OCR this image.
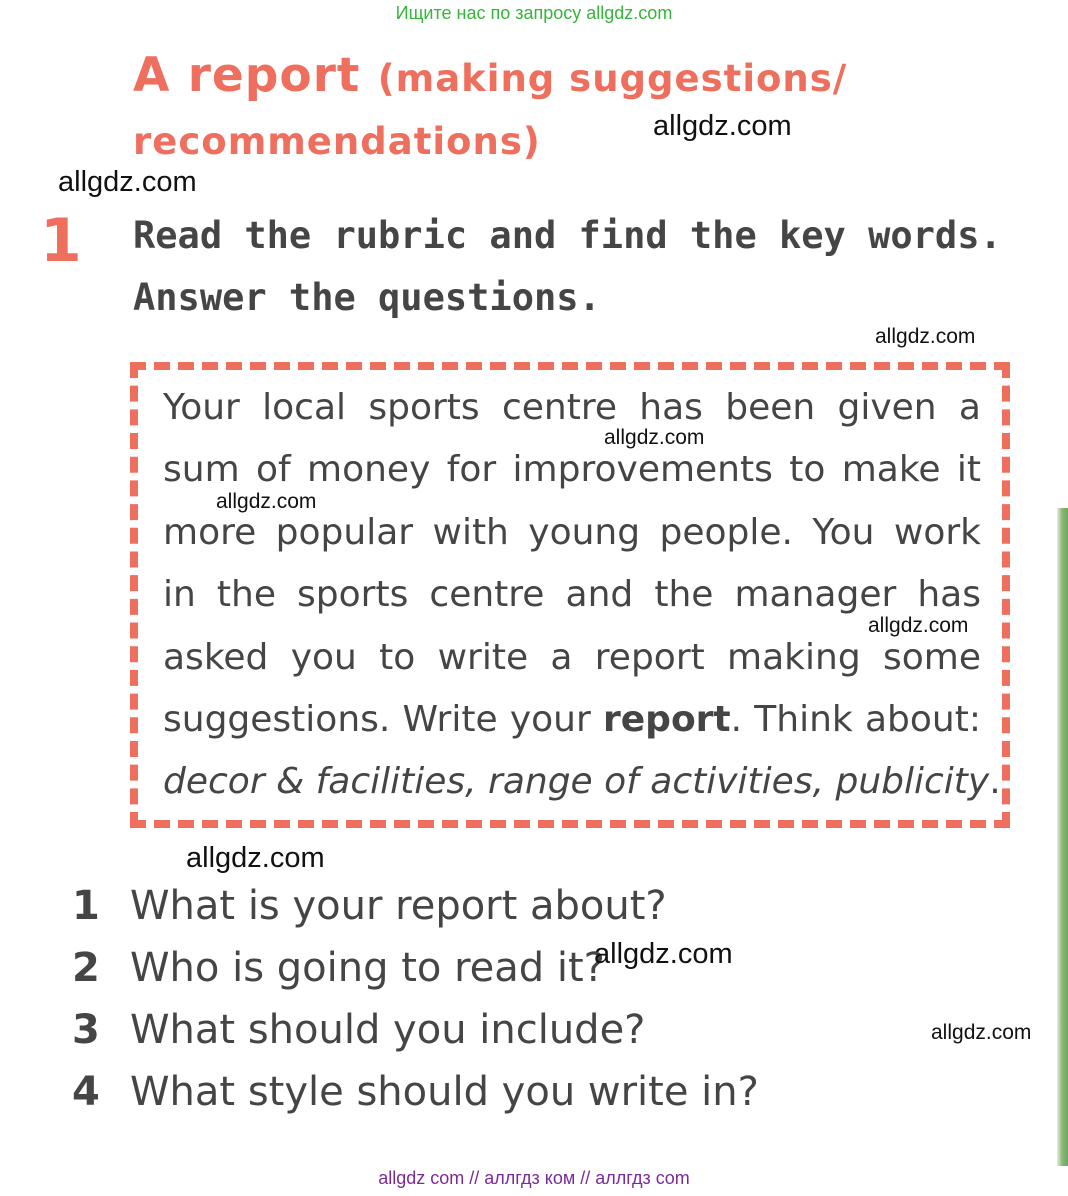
Ищите нас по запросу allgdz.com
A report (making suggestions/
recommendations)
1 Read the rubric and find the key words.
Answer the questions.
Your local sports centre has been given a
sum of money for improvements to make it
more popular with young people. You work
in the sports centre and the manager has
asked you to write a report making some
suggestions. Write your report. Think about:
decor & facilities, range of activities, publicity.
1 What is your report about?
2 Who is going to read it?
3 What should you include?
4 What style should you write in?
allgdz.com
allgdz.com
allgdz.com
allgdz.com
allgdz.com
allgdz.com
allgdz.com
allgdz.com
allgdz.com
allgdz com // аллгдз ком // аллгдз com
